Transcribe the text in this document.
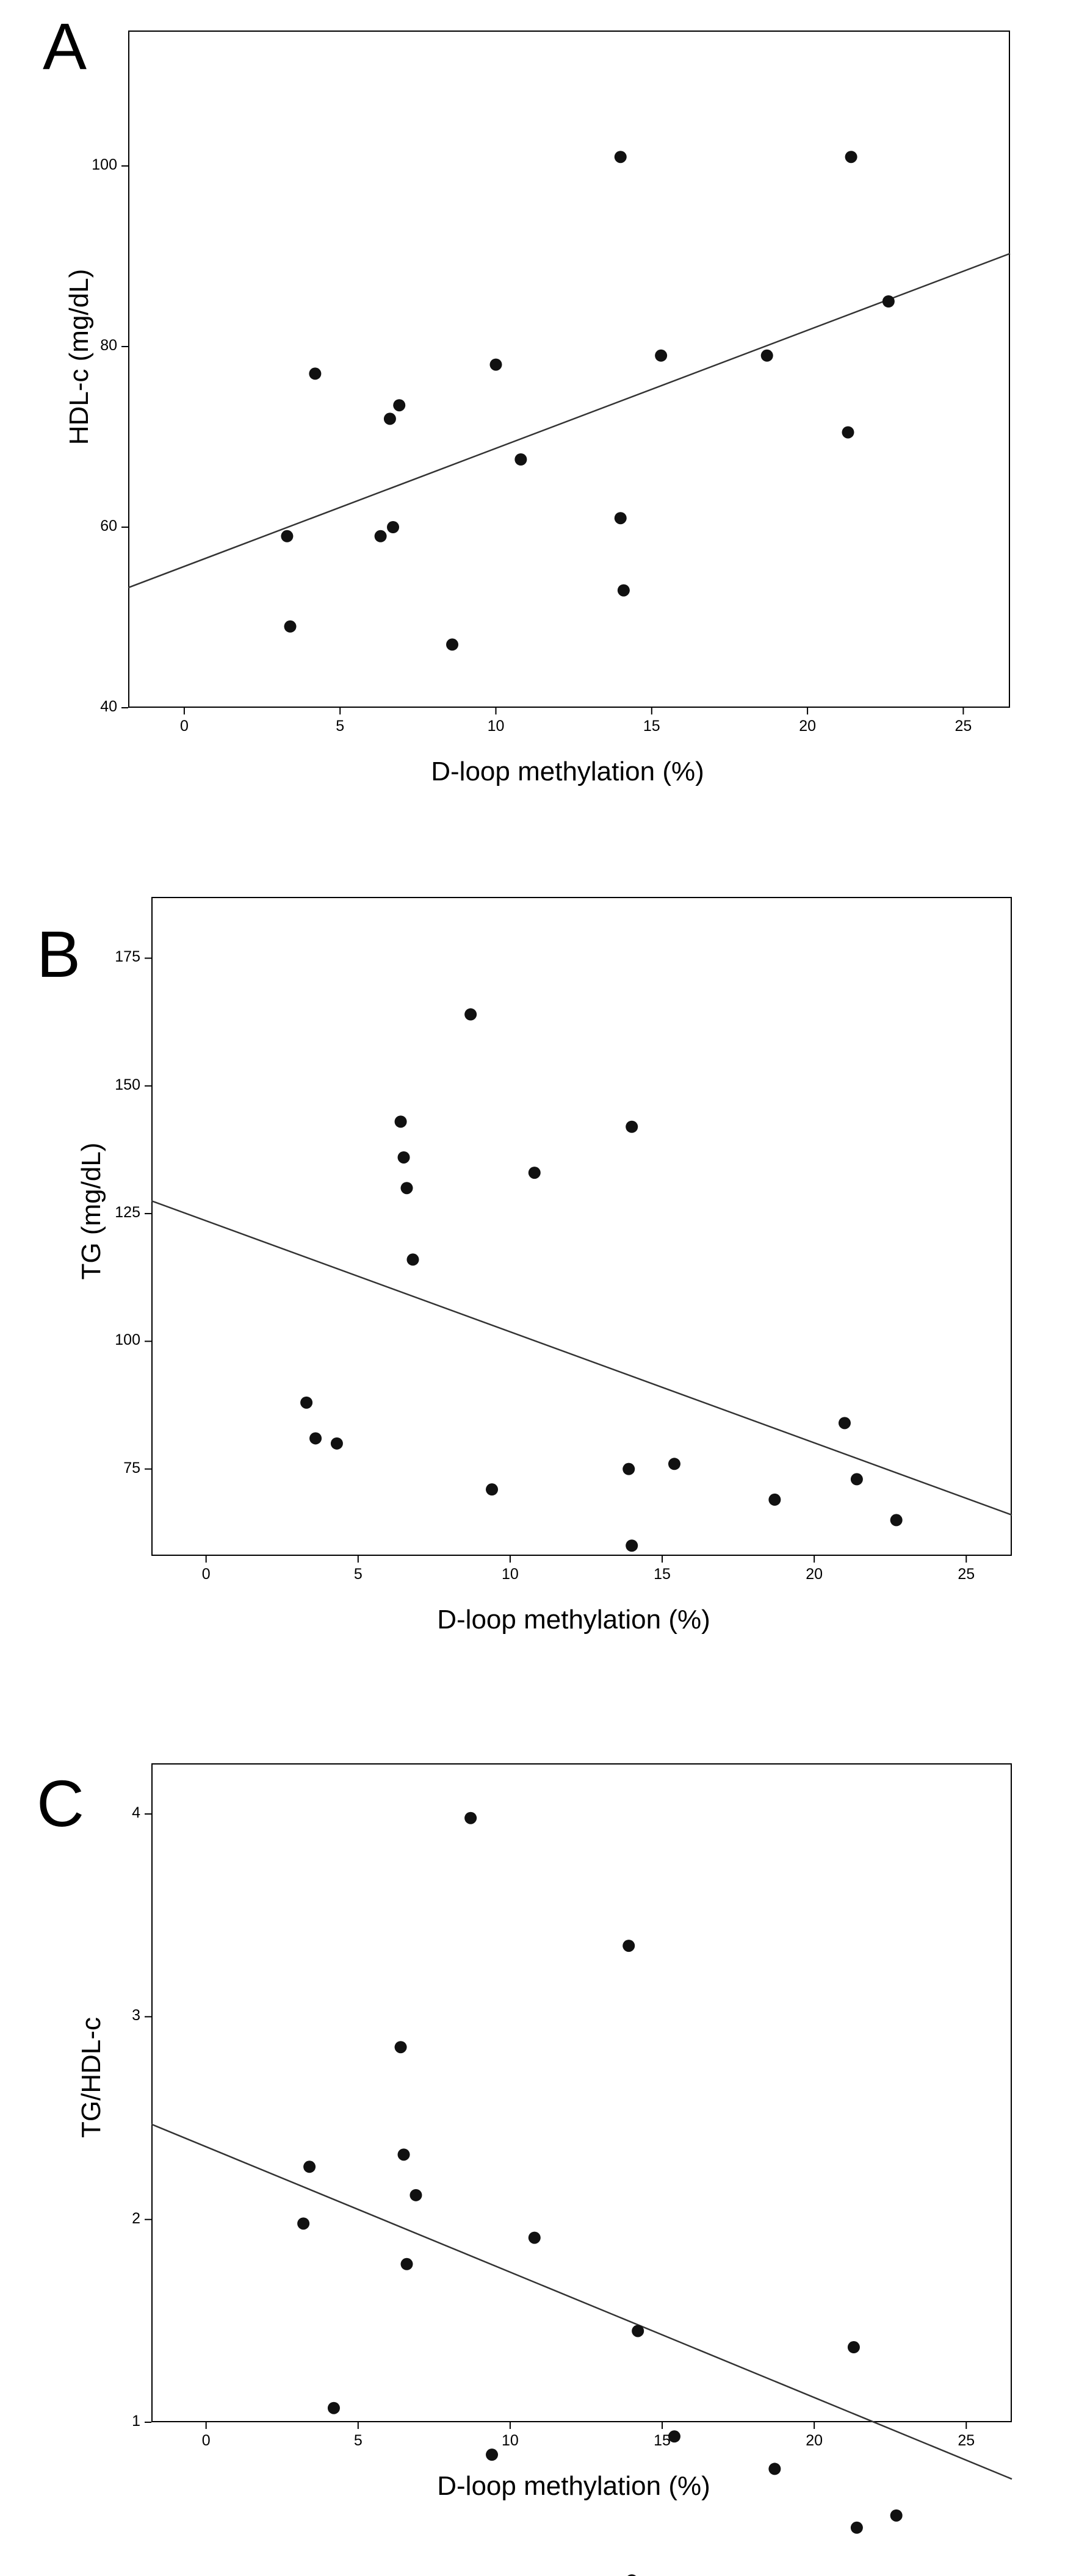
A
HDL-c (mg/dL)
D-loop methylation (%)
0	5	10	15	20	25
40
60
80
100
B
TG (mg/dL)
D-loop methylation (%)
0	5	10	15	20	25
75
100
125
150
175
C
TG/HDL-c
D-loop methylation (%)
0	5	10	15	20	25
1
2
3
4
